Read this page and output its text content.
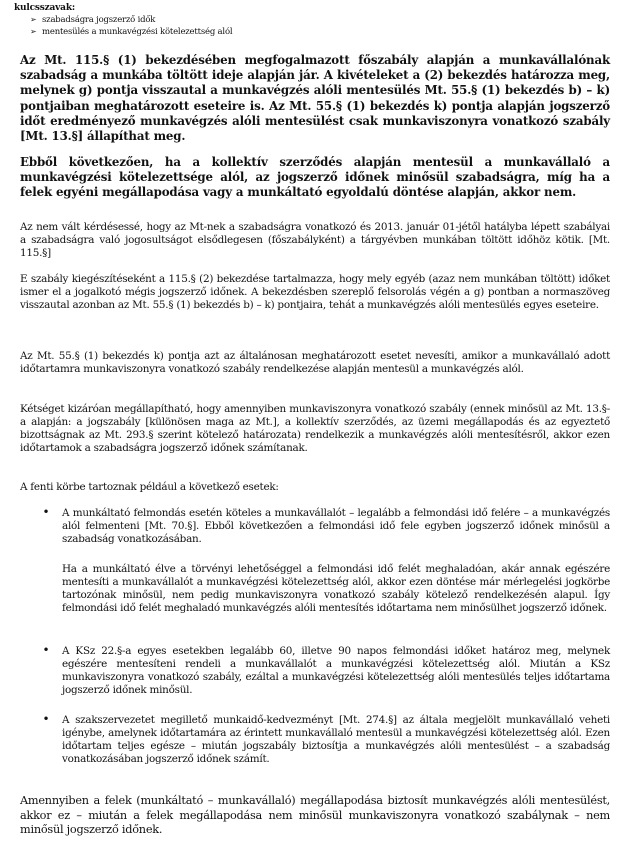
kulcsszavak:
➢ szabadságra jogszerző idők
➢ mentesülés a munkavégzési kötelezettség alól

Az Mt. 115.§ (1) bekezdésében megfogalmazott főszabály alapján a munkavállalónak szabadság a munkába töltött ideje alapján jár. A kivételeket a (2) bekezdés határozza meg, melynek g) pontja visszautal a munkavégzés alóli mentesülés Mt. 55.§ (1) bekezdés b) – k) pontjaiban meghatározott eseteire is. Az Mt. 55.§ (1) bekezdés k) pontja alapján jogszerző időt eredményező munkavégzés alóli mentesülést csak munkaviszonyra vonatkozó szabály [Mt. 13.§] állapíthat meg.

Ebből következően, ha a kollektív szerződés alapján mentesül a munkavállaló a munkavégzési kötelezettsége alól, az jogszerző időnek minősül szabadságra, míg ha a felek egyéni megállapodása vagy a munkáltató egyoldalú döntése alapján, akkor nem.

Az nem vált kérdésessé, hogy az Mt-nek a szabadságra vonatkozó és 2013. január 01-jétől hatályba lépett szabályai a szabadságra való jogosultságot elsődlegesen (főszabályként) a tárgyévben munkában töltött időhöz kötik. [Mt. 115.§]

E szabály kiegészítéseként a 115.§ (2) bekezdése tartalmazza, hogy mely egyéb (azaz nem munkában töltött) időket ismer el a jogalkotó mégis jogszerző időnek. A bekezdésben szereplő felsorolás végén a g) pontban a normaszöveg visszautal azonban az Mt. 55.§ (1) bekezdés b) – k) pontjaira, tehát a munkavégzés alóli mentesülés egyes eseteire.

Az Mt. 55.§ (1) bekezdés k) pontja azt az általánosan meghatározott esetet nevesíti, amikor a munkavállaló adott időtartamra munkaviszonyra vonatkozó szabály rendelkezése alapján mentesül a munkavégzés alól.

Kétséget kizáróan megállapítható, hogy amennyiben munkaviszonyra vonatkozó szabály (ennek minősül az Mt. 13.§-a alapján: a jogszabály [különösen maga az Mt.], a kollektív szerződés, az üzemi megállapodás és az egyeztető bizottságnak az Mt. 293.§ szerint kötelező határozata) rendelkezik a munkavégzés alóli mentesítésről, akkor ezen időtartamok a szabadságra jogszerző időnek számítanak.

A fenti körbe tartoznak például a következő esetek:

•	A munkáltató felmondás esetén köteles a munkavállalót – legalább a felmondási idő felére – a munkavégzés alól felmenteni [Mt. 70.§]. Ebből következően a felmondási idő fele egyben jogszerző időnek minősül a szabadság vonatkozásában.

Ha a munkáltató élve a törvényi lehetőséggel a felmondási idő felét meghaladóan, akár annak egészére mentesíti a munkavállalót a munkavégzési kötelezettség alól, akkor ezen döntése már mérlegelési jogkörbe tartozónak minősül, nem pedig munkaviszonyra vonatkozó szabály kötelező rendelkezésén alapul. Így felmondási idő felét meghaladó munkavégzés alóli mentesítés időtartama nem minősülhet jogszerző időnek.

•	A KSz 22.§-a egyes esetekben legalább 60, illetve 90 napos felmondási időket határoz meg, melynek egészére mentesíteni rendeli a munkavállalót a munkavégzési kötelezettség alól. Miután a KSz munkaviszonyra vonatkozó szabály, ezáltal a munkavégzési kötelezettség alóli mentesülés teljes időtartama jogszerző időnek minősül.

•	A szakszervezetet megillető munkaidő-kedvezményt [Mt. 274.§] az általa megjelölt munkavállaló veheti igénybe, amelynek időtartamára az érintett munkavállaló mentesül a munkavégzési kötelezettség alól. Ezen időtartam teljes egésze – miután jogszabály biztosítja a munkavégzés alóli mentesülést – a szabadság vonatkozásában jogszerző időnek számít.

Amennyiben a felek (munkáltató – munkavállaló) megállapodása biztosít munkavégzés alóli mentesülést, akkor ez – miután a felek megállapodása nem minősül munkaviszonyra vonatkozó szabálynak – nem minősül jogszerző időnek.
